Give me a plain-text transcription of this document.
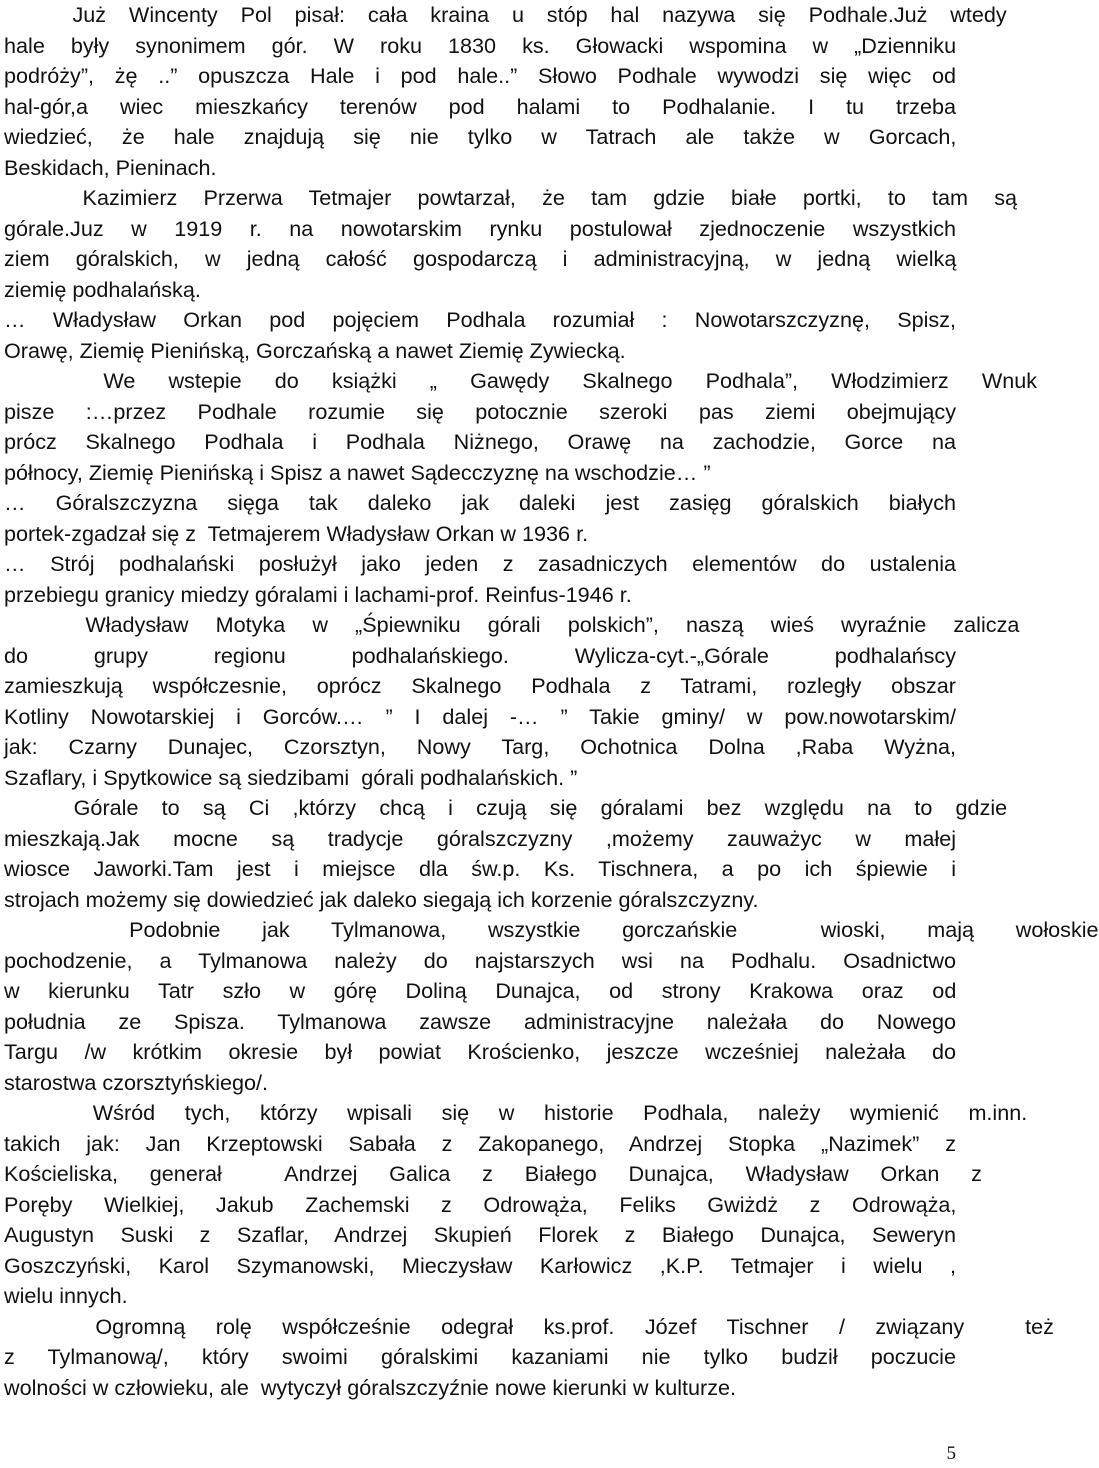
Już Wincenty Pol pisał: cała kraina u stóp hal nazywa się Podhale.Już wtedy
hale były synonimem gór. W roku 1830 ks. Głowacki wspomina w „Dzienniku
podróży”, żę ..” opuszcza Hale i pod hale..” Słowo Podhale wywodzi się więc od
hal-gór,a wiec mieszkańcy terenów pod halami to Podhalanie. I tu trzeba
wiedzieć, że hale znajdują się nie tylko w Tatrach ale także w Gorcach,
Beskidach, Pieninach.
Kazimierz Przerwa Tetmajer powtarzał, że tam gdzie białe portki, to tam są
górale.Juz w 1919 r. na nowotarskim rynku postulował zjednoczenie wszystkich
ziem góralskich, w jedną całość gospodarczą i administracyjną, w jedną wielką
ziemię podhalańską.
… Władysław Orkan pod pojęciem Podhala rozumiał : Nowotarszczyznę, Spisz,
Orawę, Ziemię Pienińską, Gorczańską a nawet Ziemię Zywiecką.
We wstepie do książki „ Gawędy Skalnego Podhala”, Włodzimierz Wnuk
pisze :…przez Podhale rozumie się potocznie szeroki pas ziemi obejmujący
prócz Skalnego Podhala i Podhala Niżnego, Orawę na zachodzie, Gorce na
północy, Ziemię Pienińską i Spisz a nawet Sądecczyznę na wschodzie… ”
… Góralszczyzna sięga tak daleko jak daleki jest zasięg góralskich białych
portek-zgadzał się z  Tetmajerem Władysław Orkan w 1936 r.
… Strój podhalański posłużył jako jeden z zasadniczych elementów do ustalenia
przebiegu granicy miedzy góralami i lachami-prof. Reinfus-1946 r.
Władysław Motyka w „Śpiewniku górali polskich”, naszą wieś wyraźnie zalicza
do grupy regionu podhalańskiego. Wylicza-cyt.-„Górale podhalańscy
zamieszkują współczesnie, oprócz Skalnego Podhala z Tatrami, rozległy obszar
Kotliny Nowotarskiej i Gorców.… ” I dalej -… ” Takie gminy/ w pow.nowotarskim/
jak: Czarny Dunajec, Czorsztyn, Nowy Targ, Ochotnica Dolna ,Raba Wyżna,
Szaflary, i Spytkowice są siedzibami  górali podhalańskich. ”
Górale to są Ci ,którzy chcą i czują się góralami bez względu na to gdzie
mieszkają.Jak mocne są tradycje góralszczyzny ,możemy zauważyc w małej
wiosce Jaworki.Tam jest i miejsce dla św.p. Ks. Tischnera, a po ich śpiewie i
strojach możemy się dowiedzieć jak daleko siegają ich korzenie góralszczyzny.
Podobnie jak Tylmanowa, wszystkie gorczańskie  wioski, mają wołoskie
pochodzenie, a Tylmanowa należy do najstarszych wsi na Podhalu. Osadnictwo
w kierunku Tatr szło w górę Doliną Dunajca, od strony Krakowa oraz od
południa ze Spisza. Tylmanowa zawsze administracyjne należała do Nowego
Targu /w krótkim okresie był powiat Krościenko, jeszcze wcześniej należała do
starostwa czorsztyńskiego/.
Wśród tych, którzy wpisali się w historie Podhala, należy wymienić m.inn.
takich jak: Jan Krzeptowski Sabała z Zakopanego, Andrzej Stopka „Nazimek” z
Kościeliska, generał  Andrzej Galica z Białego Dunajca, Władysław Orkan z
Poręby Wielkiej, Jakub Zachemski z Odrowąża, Feliks Gwiżdż z Odrowąża,
Augustyn Suski z Szaflar, Andrzej Skupień Florek z Białego Dunajca, Seweryn
Goszczyński, Karol Szymanowski, Mieczysław Karłowicz ,K.P. Tetmajer i wielu ,
wielu innych.
Ogromną rolę współcześnie odegrał ks.prof. Józef Tischner / związany  też
z Tylmanową/, który swoimi góralskimi kazaniami nie tylko budził poczucie
wolności w człowieku, ale  wytyczył góralszczyźnie nowe kierunki w kulturze.
5
